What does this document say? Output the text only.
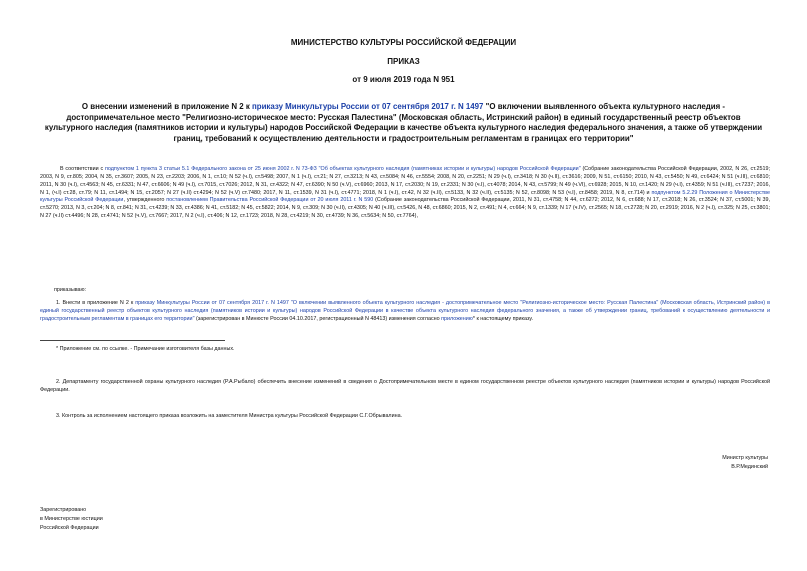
МИНИСТЕРСТВО КУЛЬТУРЫ РОССИЙСКОЙ ФЕДЕРАЦИИ
ПРИКАЗ
от 9 июля 2019 года N 951
О внесении изменений в приложение N 2 к приказу Минкультуры России от 07 сентября 2017 г. N 1497 "О включении выявленного объекта культурного наследия - достопримечательное место "Религиозно-историческое место: Русская Палестина" (Московская область, Истринский район) в единый государственный реестр объектов культурного наследия (памятников истории и культуры) народов Российской Федерации в качестве объекта культурного наследия федерального значения, а также об утверждении границ, требований к осуществлению деятельности и градостроительным регламентам в границах его территории"
В соответствии с подпунктом 1 пункта 3 статьи 5.1 Федерального закона от 25 июня 2002 г. N 73-ФЗ "Об объектах культурного наследия (памятниках истории и культуры) народов Российской Федерации" (Собрание законодательства Российской Федерации, 2002, N 26, ст.2519; 2003, N 9, ст.805; 2004, N 35, ст.3607; 2005, N 23, ст.2203; 2006, N 1, ст.10; N 52 (ч.I), ст.5498; 2007, N 1 (ч.I), ст.21; N 27, ст.3213; N 43, ст.5084; N 46, ст.5554; 2008, N 20, ст.2251; N 29 (ч.I), ст.3418; N 30 (ч.II), ст.3616; 2009, N 51, ст.6150; 2010, N 43, ст.5450; N 49, ст.6424; N 51 (ч.III), ст.6810; 2011, N 30 (ч.I), ст.4563; N 45, ст.6331; N 47, ст.6606; N 49 (ч.I), ст.7015, ст.7026; 2012, N 31, ст.4322; N 47, ст.6390; N 50 (ч.V), ст.6960; 2013, N 17, ст.2030; N 19, ст.2331; N 30 (ч.I), ст.4078; 2014, N 43, ст.5799; N 49 (ч.VI), ст.6928; 2015, N 10, ст.1420; N 29 (ч.I), ст.4359; N 51 (ч.III), ст.7237; 2016, N 1, (ч.I) ст.28, ст.79; N 11, ст.1494; N 15, ст.2057; N 27 (ч.II) ст.4294; N 52 (ч.V) ст.7480; 2017, N 11, ст.1539, N 31 (ч.I), ст.4771; 2018, N 1 (ч.I), ст.42, N 32 (ч.II), ст.5133, N 32 (ч.II), ст.5135; N 52, ст.8098; N 53 (ч.I), ст.8458; 2019, N 8, ст.714) и подпунктом 5.2.29 Положения о Министерстве культуры Российской Федерации, утвержденного постановлением Правительства Российской Федерации от 20 июля 2011 г. N 590 (Собрание законодательства Российской Федерации, 2011, N 31, ст.4758; N 44, ст.6272; 2012, N 6, ст.688; N 17, ст.2018; N 26, ст.3524; N 37, ст.5001; N 39, ст.5270; 2013, N 3, ст.204; N 8, ст.841; N 31, ст.4239; N 33, ст.4386; N 41, ст.5182; N 45, ст.5822; 2014, N 9, ст.309; N 30 (ч.II), ст.4305; N 40 (ч.III), ст.5426, N 48, ст.6860; 2015, N 2, ст.491; N 4, ст.664; N 9, ст.1339; N 17 (ч.IV), ст.2565; N 18, ст.2728; N 20, ст.2919; 2016, N 2 (ч.I), ст.325; N 25, ст.3801; N 27 (ч.II) ст.4496; N 28, ст.4741; N 52 (ч.V), ст.7667; 2017, N 2 (ч.I), ст.406; N 12, ст.1723; 2018, N 28, ст.4219; N 30, ст.4739; N 36, ст.5634; N 50, ст.7764),
приказываю:
1. Внести в приложение N 2 к приказу Минкультуры России от 07 сентября 2017 г. N 1497 "О включении выявленного объекта культурного наследия - достопримечательное место "Религиозно-историческое место: Русская Палестина" (Московская область, Истринский район) в единый государственный реестр объектов культурного наследия (памятников истории и культуры) народов Российской Федерации в качестве объекта культурного наследия федерального значения, а также об утверждении границ, требований к осуществлению деятельности и градостроительным регламентам в границах его территории" (зарегистрирован в Минюсте России 04.10.2017, регистрационный N 48413) изменения согласно приложению* к настоящему приказу.
* Приложение см. по ссылке. - Примечание изготовителя базы данных.
2. Департаменту государственной охраны культурного наследия (Р.А.Рыбало) обеспечить внесение изменений в сведения о Достопримечательном месте в едином государственном реестре объектов культурного наследия (памятников истории и культуры) народов Российской Федерации.
3. Контроль за исполнением настоящего приказа возложить на заместителя Министра культуры Российской Федерации С.Г.Обрывалина.
Министр культуры
В.Р.Мединский
Зарегистрировано
в Министерстве юстиции
Российской Федерации
